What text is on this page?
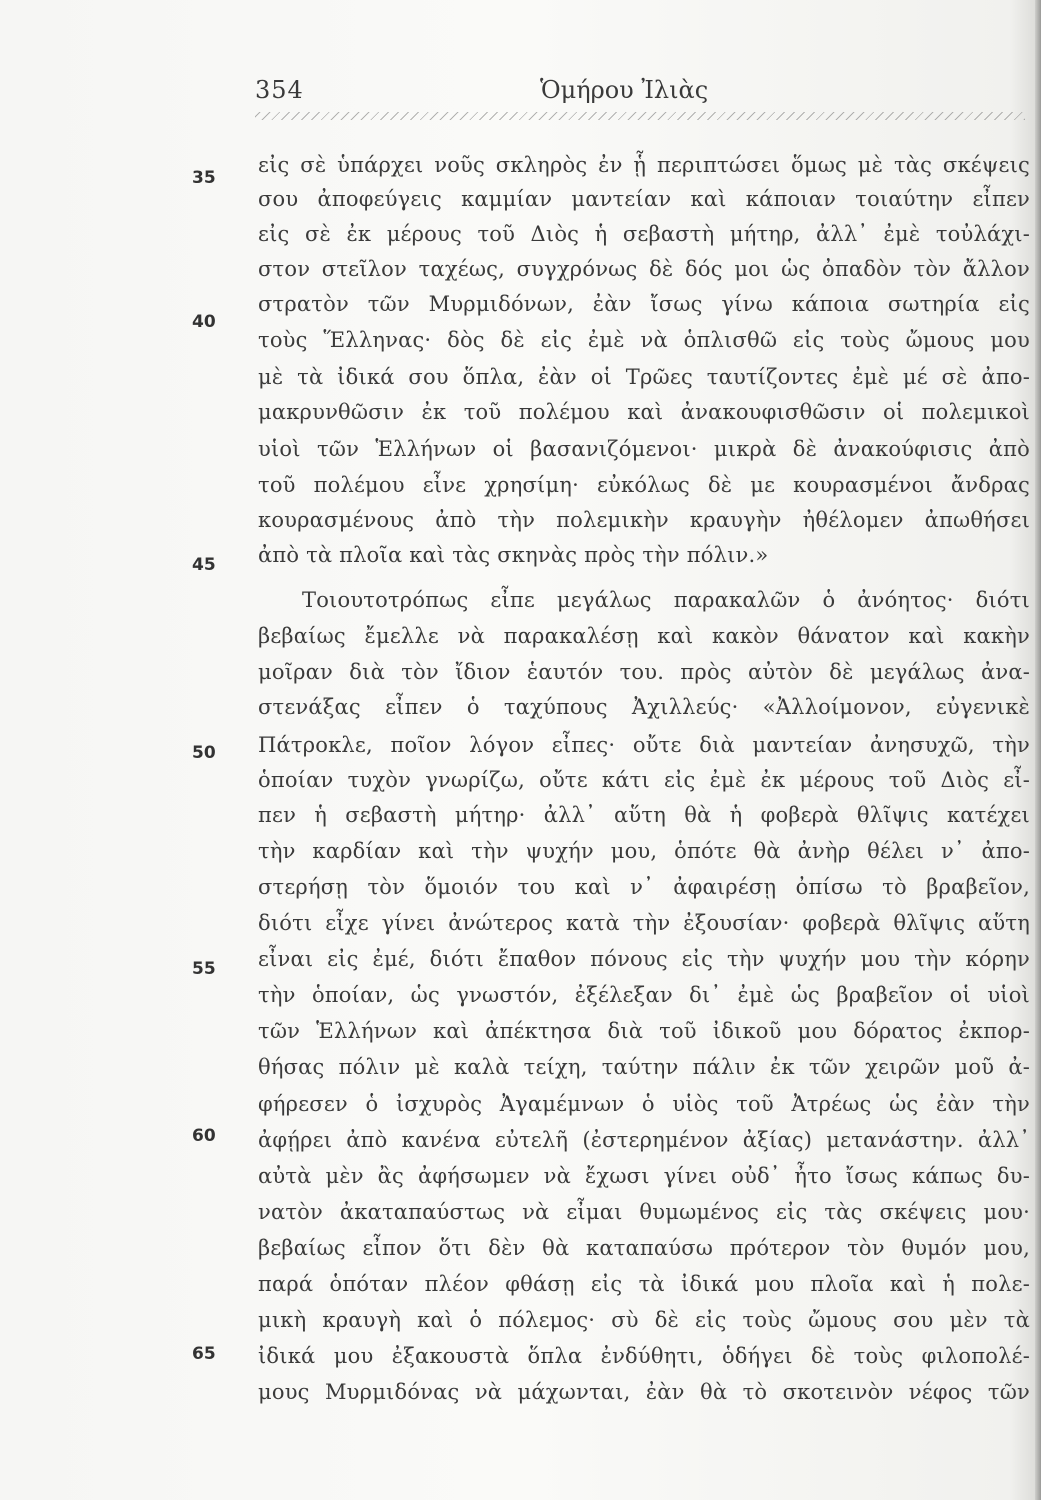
354	Ὁμήρου Ἰλιὰς
35
40
45
50
55
60
65
εἰς σὲ ὑπάρχει νοῦς σκληρὸς ἐν ᾗ περιπτώσει ὅμως μὲ τὰς σκέψεις
σου ἀποφεύγεις καμμίαν μαντείαν καὶ κάποιαν τοιαύτην εἶπεν
εἰς σὲ ἐκ μέρους τοῦ Διὸς ἡ σεβαστὴ μήτηρ, ἀλλ᾽ ἐμὲ τοὐλάχι-
στον στεῖλον ταχέως, συγχρόνως δὲ δός μοι ὡς ὀπαδὸν τὸν ἄλλον
στρατὸν τῶν Μυρμιδόνων, ἐὰν ἴσως γίνω κάποια σωτηρία εἰς
τοὺς Ἕλληνας· δὸς δὲ εἰς ἐμὲ νὰ ὁπλισθῶ εἰς τοὺς ὤμους μου
μὲ τὰ ἰδικά σου ὅπλα, ἐὰν οἱ Τρῶες ταυτίζοντες ἐμὲ μέ σὲ ἀπο-
μακρυνθῶσιν ἐκ τοῦ πολέμου καὶ ἀνακουφισθῶσιν οἱ πολεμικοὶ
υἱοὶ τῶν Ἑλλήνων οἱ βασανιζόμενοι· μικρὰ δὲ ἀνακούφισις ἀπὸ
τοῦ πολέμου εἶνε χρησίμη· εὐκόλως δὲ με κουρασμένοι ἄνδρας
κουρασμένους ἀπὸ τὴν πολεμικὴν κραυγὴν ἠθέλομεν ἀπωθήσει
ἀπὸ τὰ πλοῖα καὶ τὰς σκηνὰς πρὸς τὴν πόλιν.»
Τοιουτοτρόπως εἶπε μεγάλως παρακαλῶν ὁ ἀνόητος· διότι
βεβαίως ἔμελλε νὰ παρακαλέσῃ καὶ κακὸν θάνατον καὶ κακὴν
μοῖραν διὰ τὸν ἴδιον ἑαυτόν του. πρὸς αὐτὸν δὲ μεγάλως ἀνα-
στενάξας εἶπεν ὁ ταχύπους Ἀχιλλεύς· «Ἀλλοίμονον, εὐγενικὲ
Πάτροκλε, ποῖον λόγον εἶπες· οὔτε διὰ μαντείαν ἀνησυχῶ, τὴν
ὁποίαν τυχὸν γνωρίζω, οὔτε κάτι εἰς ἐμὲ ἐκ μέρους τοῦ Διὸς εἶ-
πεν ἡ σεβαστὴ μήτηρ· ἀλλ᾽ αὕτη θὰ ἡ φοβερὰ θλῖψις κατέχει
τὴν καρδίαν καὶ τὴν ψυχήν μου, ὁπότε θὰ ἀνὴρ θέλει ν᾽ ἀπο-
στερήσῃ τὸν ὅμοιόν του καὶ ν᾽ ἀφαιρέσῃ ὀπίσω τὸ βραβεῖον,
διότι εἶχε γίνει ἀνώτερος κατὰ τὴν ἐξουσίαν· φοβερὰ θλῖψις αὕτη
εἶναι εἰς ἐμέ, διότι ἔπαθον πόνους εἰς τὴν ψυχήν μου τὴν κόρην
τὴν ὁποίαν, ὡς γνωστόν, ἐξέλεξαν δι᾽ ἐμὲ ὡς βραβεῖον οἱ υἱοὶ
τῶν Ἑλλήνων καὶ ἀπέκτησα διὰ τοῦ ἰδικοῦ μου δόρατος ἐκπορ-
θήσας πόλιν μὲ καλὰ τείχη, ταύτην πάλιν ἐκ τῶν χειρῶν μοῦ ἀ-
φήρεσεν ὁ ἰσχυρὸς Ἀγαμέμνων ὁ υἱὸς τοῦ Ἀτρέως ὡς ἐὰν τὴν
ἀφῄρει ἀπὸ κανένα εὐτελῆ (ἐστερημένον ἀξίας) μετανάστην. ἀλλ᾽
αὐτὰ μὲν ἂς ἀφήσωμεν νὰ ἔχωσι γίνει οὐδ᾽ ἦτο ἴσως κάπως δυ-
νατὸν ἀκαταπαύστως νὰ εἶμαι θυμωμένος εἰς τὰς σκέψεις μου·
βεβαίως εἶπον ὅτι δὲν θὰ καταπαύσω πρότερον τὸν θυμόν μου,
παρά ὁπόταν πλέον φθάσῃ εἰς τὰ ἰδικά μου πλοῖα καὶ ἡ πολε-
μικὴ κραυγὴ καὶ ὁ πόλεμος· σὺ δὲ εἰς τοὺς ὤμους σου μὲν τὰ
ἰδικά μου ἐξακουστὰ ὅπλα ἐνδύθητι, ὁδήγει δὲ τοὺς φιλοπολέ-
μους Μυρμιδόνας νὰ μάχωνται, ἐὰν θὰ τὸ σκοτεινὸν νέφος τῶν
